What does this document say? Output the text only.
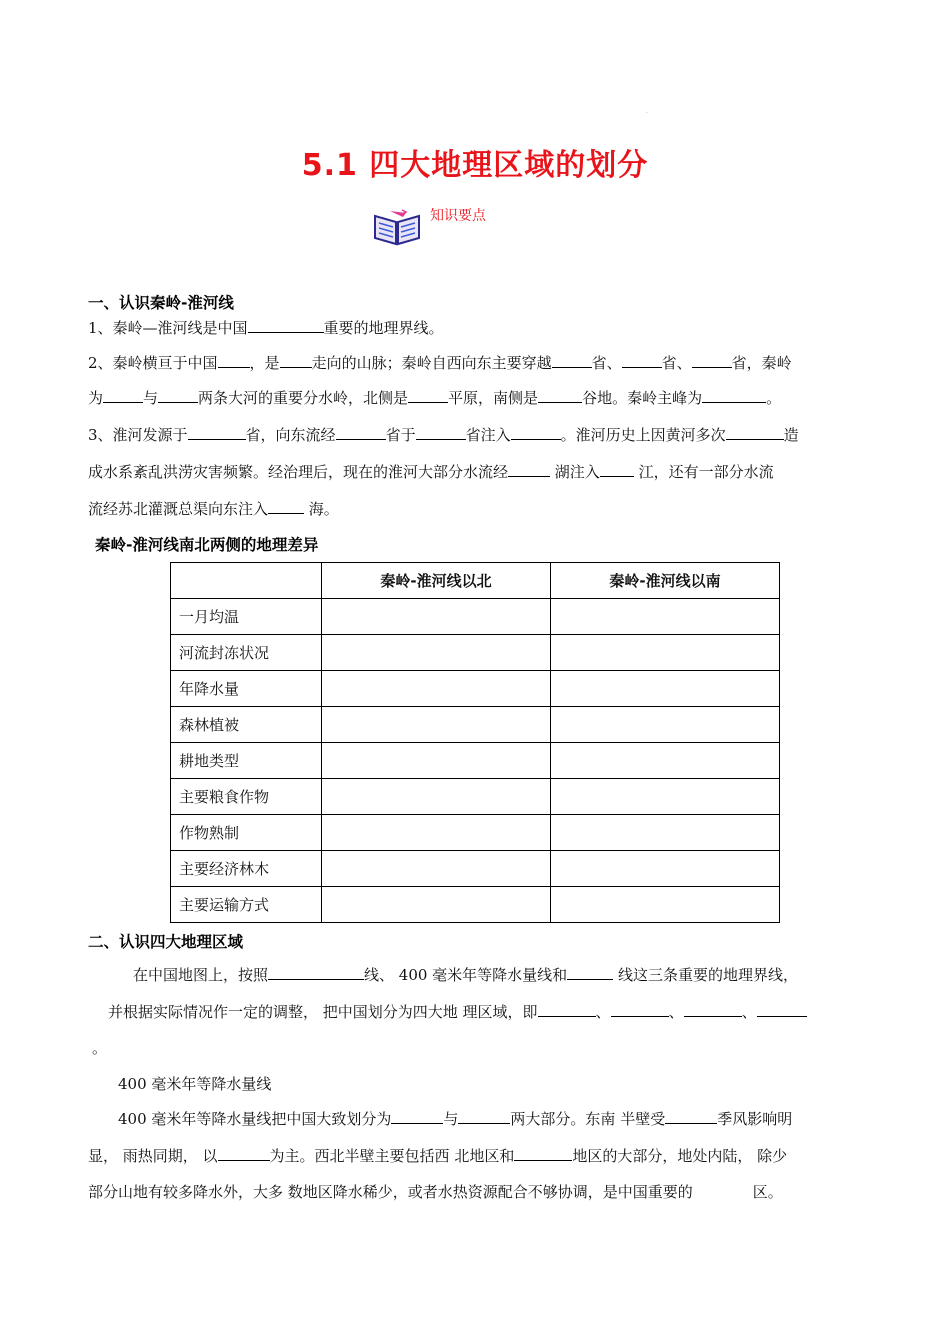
5.1 四大地理区域的划分
·
知识要点
一、认识秦岭-淮河线
1、秦岭—淮河线是中国	重要的地理界线。
2、秦岭横亘于中国 ，是 走向的山脉；秦岭自西向东主要穿越	省、	省、	省，秦岭
为	与	两条大河的重要分水岭，北侧是	平原，南侧是	谷地。秦岭主峰为	。
3、淮河发源于	省，向东流经	省于	省注入	。淮河历史上因黄河多次	造
成水系紊乱洪涝灾害频繁。经治理后，现在的淮河大部分水流经	湖注入 江，还有一部分水流
流经苏北灌溉总渠向东注入 海。
秦岭-淮河线南北两侧的地理差异
	秦岭-淮河线以北	秦岭-淮河线以南
一月均温		
河流封冻状况		
年降水量		
森林植被		
耕地类型		
主要粮食作物		
作物熟制		
主要经济林木		
主要运输方式		
二、认识四大地理区域
在中国地图上，按照	线、 400 毫米年等降水量线和	线这三条重要的地理界线，
并根据实际情况作一定的调整， 把中国划分为四大地 理区域，即	、	、	、
。
400 毫米年等降水量线
400 毫米年等降水量线把中国大致划分为	与	两大部分。东南 半壁受	季风影响明
显， 雨热同期， 以	为主。西北半壁主要包括西 北地区和	地区的大部分，地处内陆， 除少
部分山地有较多降水外，大多 数地区降水稀少，或者水热资源配合不够协调，是中国重要的	区。
